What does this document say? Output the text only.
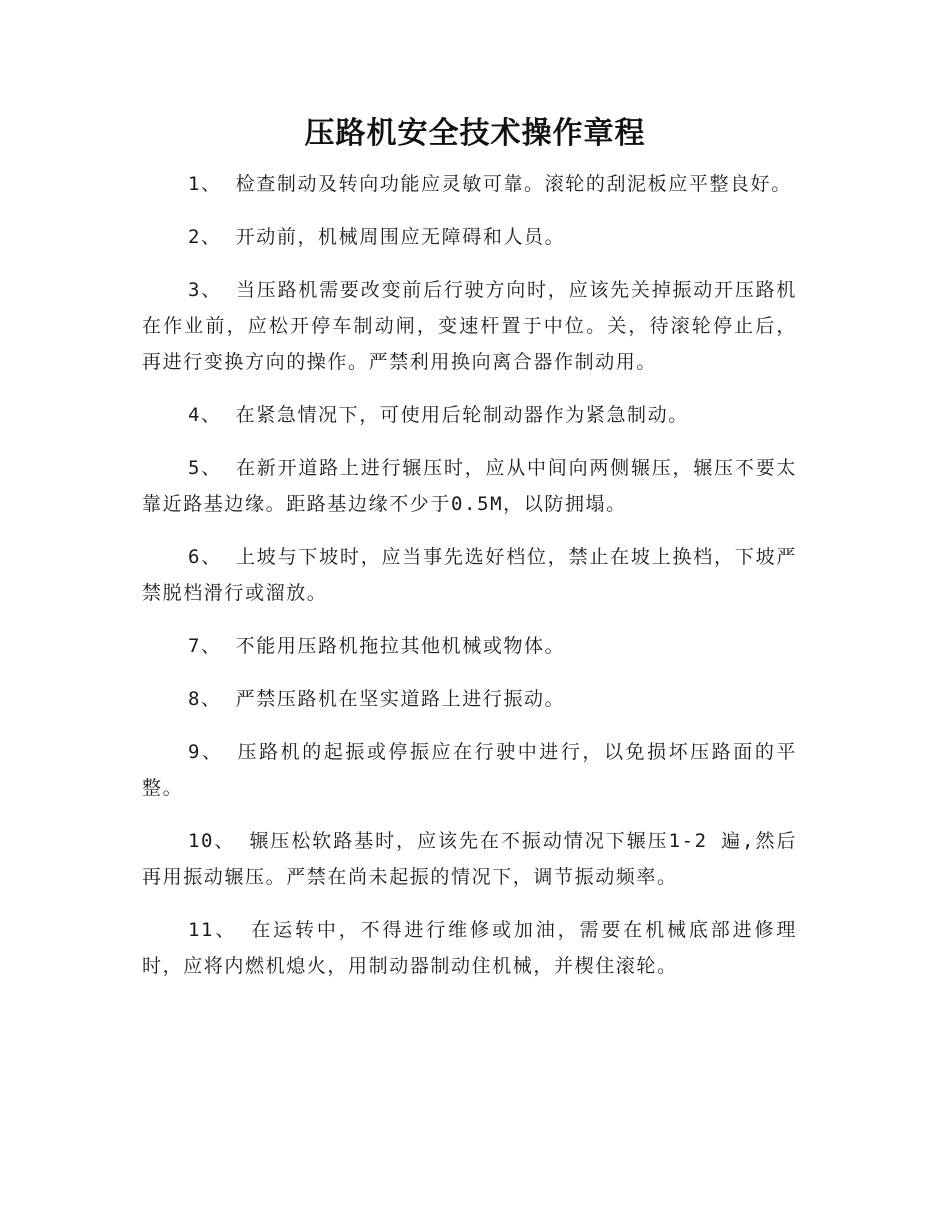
压路机安全技术操作章程

1、 检查制动及转向功能应灵敏可靠。滚轮的刮泥板应平整良好。

2、 开动前，机械周围应无障碍和人员。

3、 当压路机需要改变前后行驶方向时，应该先关掉振动开压路机在作业前，应松开停车制动闸，变速杆置于中位。关，待滚轮停止后，再进行变换方向的操作。严禁利用换向离合器作制动用。

4、 在紧急情况下，可使用后轮制动器作为紧急制动。

5、 在新开道路上进行辗压时，应从中间向两侧辗压，辗压不要太靠近路基边缘。距路基边缘不少于0.5M，以防拥塌。

6、 上坡与下坡时，应当事先选好档位，禁止在坡上换档，下坡严禁脱档滑行或溜放。

7、 不能用压路机拖拉其他机械或物体。

8、 严禁压路机在坚实道路上进行振动。

9、 压路机的起振或停振应在行驶中进行，以免损坏压路面的平整。

10、 辗压松软路基时，应该先在不振动情况下辗压1-2 遍,然后再用振动辗压。严禁在尚未起振的情况下，调节振动频率。

11、 在运转中，不得进行维修或加油，需要在机械底部进修理时，应将内燃机熄火，用制动器制动住机械，并楔住滚轮。
